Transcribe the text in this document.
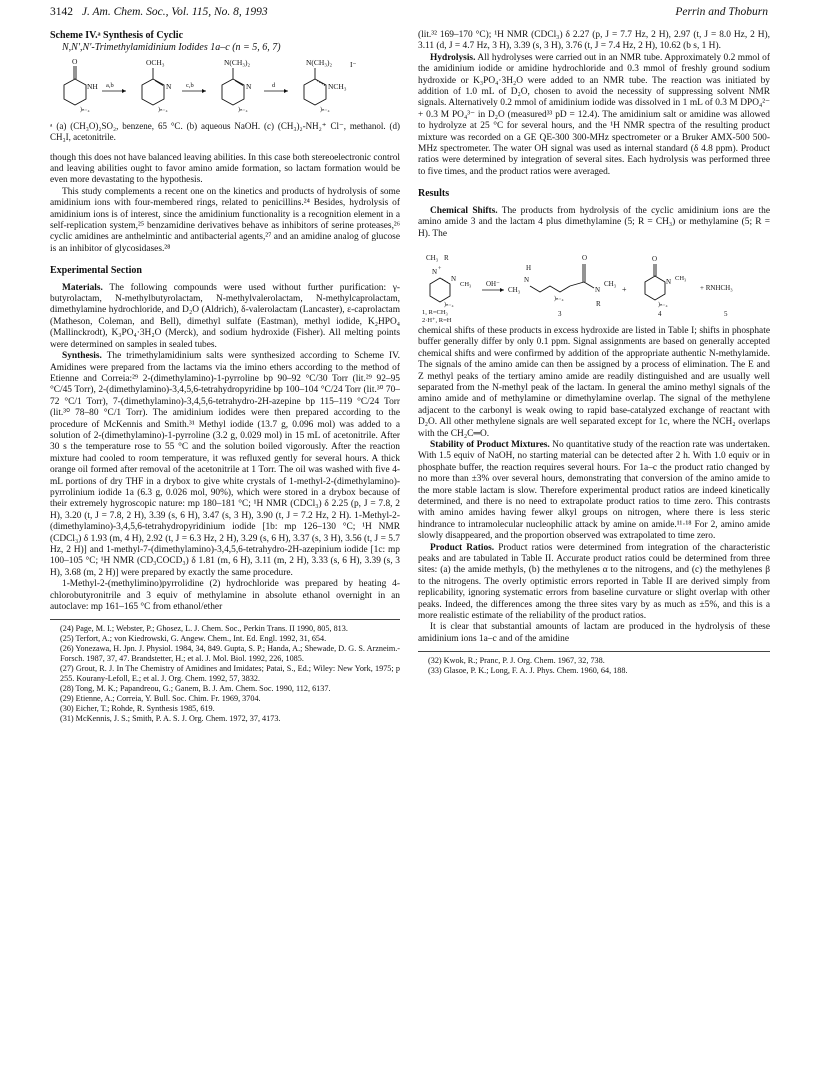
3142 J. Am. Chem. Soc., Vol. 115, No. 8, 1993	Perrin and Thoburn

Scheme IV.ᵃ Synthesis of Cyclic

N,N′,N′-Trimethylamidinium Iodides 1a–c (n = 5, 6, 7)

O
NH
)ₙ₋₄
a,b
OCH₃
N
)ₙ₋₄
c,b
N(CH₃)₂
N
)ₙ₋₄
d
N(CH₃)₂ I⁻
NCH₃
)ₙ₋₄

ᵃ (a) (CH₃O)₂SO₂, benzene, 65 °C. (b) aqueous NaOH. (c) (CH₃)₂-NH₂⁺ Cl⁻, methanol. (d) CH₃I, acetonitrile.

though this does not have balanced leaving abilities. In this case both stereoelectronic control and leaving abilities ought to favor amino amide formation, so lactam formation would be even more devastating to the hypothesis.

This study complements a recent one on the kinetics and products of hydrolysis of some amidinium ions with four-membered rings, related to penicillins.²⁴ Besides, hydrolysis of amidinium ions is of interest, since the amidinium functionality is a recognition element in a self-replication system,²⁵ benzamidine derivatives behave as inhibitors of serine proteases,²⁶ cyclic amidines are anthelmintic and antibacterial agents,²⁷ and an amidine analog of glucose is an inhibitor of glycosidases.²⁸

Experimental Section

Materials. The following compounds were used without further purification: γ-butyrolactam, N-methylbutyrolactam, N-methylvalerolactam, N-methylcaprolactam, dimethylamine hydrochloride, and D₂O (Aldrich), δ-valerolactam (Lancaster), ε-caprolactam (Matheson, Coleman, and Bell), dimethyl sulfate (Eastman), methyl iodide, K₂HPO₄ (Mallinckrodt), K₃PO₄·3H₂O (Merck), and sodium hydroxide (Fisher). All melting points were determined on samples in sealed tubes.

Synthesis. The trimethylamidinium salts were synthesized according to Scheme IV. Amidines were prepared from the lactams via the imino ethers according to the method of Etienne and Correia:²⁹ 2-(dimethylamino)-1-pyrroline bp 90–92 °C/30 Torr (lit.²⁹ 92–95 °C/45 Torr), 2-(dimethylamino)-3,4,5,6-tetrahydropyridine bp 100–104 °C/24 Torr (lit.³⁰ 70–72 °C/1 Torr), 7-(dimethylamino)-3,4,5,6-tetrahydro-2H-azepine bp 115–119 °C/24 Torr (lit.³⁰ 78–80 °C/1 Torr). The amidinium iodides were then prepared according to the procedure of McKennis and Smith.³¹ Methyl iodide (13.7 g, 0.096 mol) was added to a solution of 2-(dimethylamino)-1-pyrroline (3.2 g, 0.029 mol) in 15 mL of acetonitrile. After 30 s the temperature rose to 55 °C and the solution boiled vigorously. After the reaction mixture had cooled to room temperature, it was refluxed gently for several hours. A thick orange oil formed after removal of the acetonitrile at 1 Torr. The oil was washed with five 4-mL portions of dry THF in a drybox to give white crystals of 1-methyl-2-(dimethylamino)-pyrrolinium iodide 1a (6.3 g, 0.026 mol, 90%), which were stored in a drybox because of their extremely hygroscopic nature: mp 180–181 °C; ¹H NMR (CDCl₃) δ 2.25 (p, J = 7.8, 2 H), 3.20 (t, J = 7.8, 2 H), 3.39 (s, 6 H), 3.47 (s, 3 H), 3.90 (t, J = 7.2 Hz, 2 H). 1-Methyl-2-(dimethylamino)-3,4,5,6-tetrahydropyridinium iodide [1b: mp 126–130 °C; ¹H NMR (CDCl₃) δ 1.93 (m, 4 H), 2.92 (t, J = 6.3 Hz, 2 H), 3.29 (s, 6 H), 3.37 (s, 3 H), 3.56 (t, J = 5.7 Hz, 2 H)] and 1-methyl-7-(dimethylamino)-3,4,5,6-tetrahydro-2H-azepinium iodide [1c: mp 100–105 °C; ¹H NMR (CD₃COCD₃) δ 1.81 (m, 6 H), 3.11 (m, 2 H), 3.33 (s, 6 H), 3.39 (s, 3 H), 3.68 (m, 2 H)] were prepared by exactly the same procedure.

1-Methyl-2-(methylimino)pyrrolidine (2) hydrochloride was prepared by heating 4-chlorobutyronitrile and 3 equiv of methylamine in absolute ethanol overnight in an autoclave: mp 161–165 °C from ethanol/ether

(24) Page, M. I.; Webster, P.; Ghosez, L. J. Chem. Soc., Perkin Trans. II 1990, 805, 813.

(25) Terfort, A.; von Kiedrowski, G. Angew. Chem., Int. Ed. Engl. 1992, 31, 654.

(26) Yonezawa, H. Jpn. J. Physiol. 1984, 34, 849. Gupta, S. P.; Handa, A.; Shewade, D. G. S. Arzneim.-Forsch. 1987, 37, 47. Brandstetter, H.; et al. J. Mol. Biol. 1992, 226, 1085.

(27) Grout, R. J. In The Chemistry of Amidines and Imidates; Patai, S., Ed.; Wiley: New York, 1975; p 255. Kourany-Lefoll, E.; et al. J. Org. Chem. 1992, 57, 3832.

(28) Tong, M. K.; Papandreou, G.; Ganem, B. J. Am. Chem. Soc. 1990, 112, 6137.

(29) Etienne, A.; Correia, Y. Bull. Soc. Chim. Fr. 1969, 3704.

(30) Eicher, T.; Rohde, R. Synthesis 1985, 619.

(31) McKennis, J. S.; Smith, P. A. S. J. Org. Chem. 1972, 37, 4173.

(lit.³² 169–170 °C); ¹H NMR (CDCl₃) δ 2.27 (p, J = 7.7 Hz, 2 H), 2.97 (t, J = 8.0 Hz, 2 H), 3.11 (d, J = 4.7 Hz, 3 H), 3.39 (s, 3 H), 3.76 (t, J = 7.4 Hz, 2 H), 10.62 (b s, 1 H).

Hydrolysis. All hydrolyses were carried out in an NMR tube. Approximately 0.2 mmol of the amidinium iodide or amidine hydrochloride and 0.3 mmol of freshly ground sodium hydroxide or K₃PO₄·3H₂O were added to an NMR tube. The reaction was initiated by addition of 1.0 mL of D₂O, chosen to avoid the necessity of suppressing solvent NMR signals. Alternatively 0.2 mmol of amidinium iodide was dissolved in 1 mL of 0.3 M DPO₄²⁻ + 0.3 M PO₄³⁻ in D₂O (measured³³ pD = 12.4). The amidinium salt or amidine was allowed to hydrolyze at 25 °C for several hours, and the ¹H NMR spectra of the resulting product mixture was recorded on a GE QE-300 300-MHz spectrometer or a Bruker AMX-500 500-MHz spectrometer. The water OH signal was used as internal standard (δ 4.8 ppm). Product ratios were determined by integration of several sites. Each hydrolysis was performed three to five times, and the product ratios were averaged.

Results

Chemical Shifts. The products from hydrolysis of the cyclic amidinium ions are the amino amide 3 and the lactam 4 plus dimethylamine (5; R = CH₃) or methylamine (5; R = H). The

CH₃ R
N +
N
CH₃
)ₙ₋₄
1, R=CH₃
2·H⁺, R=H
OH⁻
CH₃
H
N
)ₙ₋₄
O
N
CH₃
R
3
+
O
N CH₃
)ₙ₋₄
4
+ RNHCH₃
5

chemical shifts of these products in excess hydroxide are listed in Table I; shifts in phosphate buffer generally differ by only 0.1 ppm. Signal assignments are based on generally accepted chemical shifts and were confirmed by addition of the appropriate authentic N-methylamide. The signals of the amino amide can then be assigned by a process of elimination. The E and Z methyl peaks of the tertiary amino amide are readily distinguished and are usually well separated from the N-methyl peak of the lactam. In general the amino methyl signals of the amino amide and of methylamine or dimethylamine overlap. The signal of the methylene adjacent to the carbonyl is weak owing to rapid base-catalyzed exchange of reactant with D₂O. All other methylene signals are well separated except for 1c, where the NCH₂ overlaps with the CH₂C═O.

Stability of Product Mixtures. No quantitative study of the reaction rate was undertaken. With 1.5 equiv of NaOH, no starting material can be detected after 2 h. With 1.0 equiv or in phosphate buffer, the reaction requires several hours. For 1a–c the product ratio changed by no more than ±3% over several hours, demonstrating that conversion of the amino amide to the more stable lactam is slow. Therefore experimental product ratios are indeed kinetically determined, and there is no need to extrapolate product ratios to time zero. This contrasts with amino amides having fewer alkyl groups on nitrogen, where there is less steric hindrance to intramolecular nucleophilic attack by amine on amide.¹¹·¹⁸ For 2, amino amide slowly disappeared, and the proportion observed was extrapolated to time zero.

Product Ratios. Product ratios were determined from integration of the characteristic peaks and are tabulated in Table II. Accurate product ratios could be determined from three sites: (a) the amide methyls, (b) the methylenes α to the nitrogens, and (c) the methylenes β to the nitrogens. The overly optimistic errors reported in Table II are derived simply from replicability, ignoring systematic errors from baseline curvature or slight overlap with other peaks. Indeed, the differences among the three sites vary by as much as ±5%, and this is a more realistic estimate of the reliability of the product ratios.

It is clear that substantial amounts of lactam are produced in the hydrolysis of these amidinium ions 1a–c and of the amidine

(32) Kwok, R.; Pranc, P. J. Org. Chem. 1967, 32, 738.

(33) Glasoe, P. K.; Long, F. A. J. Phys. Chem. 1960, 64, 188.
